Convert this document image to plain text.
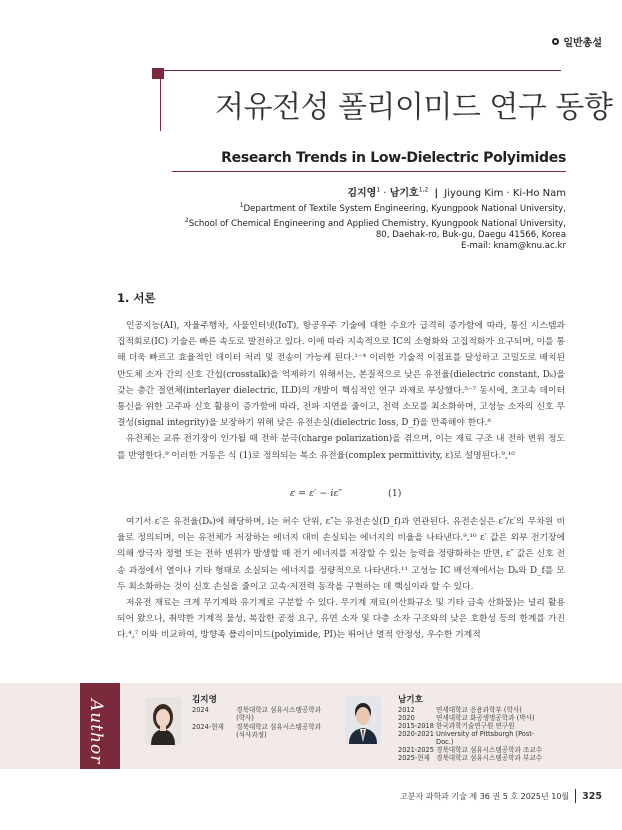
일반총설
저유전성 폴리이미드 연구 동향
Research Trends in Low-Dielectric Polyimides
김지영$^1$ · 남기호$^{1,2}$ | Jiyoung Kim · Ki-Ho Nam
$^1$Department of Textile System Engineering, Kyungpook National University,
$^2$School of Chemical Engineering and Applied Chemistry, Kyungpook National University,
80, Daehak-ro, Buk-gu, Daegu 41566, Korea
E-mail: knam@knu.ac.kr
1. 서론

인공지능(AI), 자율주행차, 사물인터넷(IoT), 항공우주 기술에 대한 수요가 급격히 증가함에 따라, 통신 시스템과 집적회로(IC) 기술은 빠른 속도로 발전하고 있다. 이에 따라 지속적으로 IC의 소형화와 고집적화가 요구되며, 이를 통해 더욱 빠르고 효율적인 데이터 처리 및 전송이 가능케 된다.¹⁻⁴ 이러한 기술적 이점표를 달성하고 고밀도로 배치된 반도체 소자 간의 신호 간섭(crosstalk)을 억제하기 위해서는, 본질적으로 낮은 유전율(dielectric constant, Dₖ)을 갖는 층간 절연체(interlayer dielectric, ILD)의 개발이 핵심적인 연구 과제로 부상했다.⁵⁻⁷ 동시에, 초고속 데이터 통신을 위한 고주파 신호 활용이 증가함에 따라, 전파 지연을 줄이고, 전력 소모를 최소화하며, 고성능 소자의 신호 무결성(signal integrity)을 보장하기 위해 낮은 유전손실(dielectric loss, D_f)을 만족해야 한다.⁸

유전체는 교류 전기장이 인가될 때 전하 분극(charge polarization)을 겪으며, 이는 재료 구조 내 전하 변위 정도를 반영한다.⁹ 이러한 거동은 식 (1)로 정의되는 복소 유전율(complex permittivity, ε)로 설명된다.⁹,¹⁰

ε = ε′ − iε″	(1)

여기서 ε′은 유전율(Dₖ)에 해당하며, i는 허수 단위, ε″는 유전손실(D_f)과 연관된다. 유전손실은 ε″/ε′의 무차원 비율로 정의되며, 이는 유전체가 저장하는 에너지 대비 손실되는 에너지의 비율을 나타낸다.⁹,¹⁰ ε′ 값은 외부 전기장에 의해 쌍극자 정렬 또는 전하 변위가 발생할 때 전기 에너지를 저장할 수 있는 능력을 정량화하는 반면, ε″ 값은 신호 전송 과정에서 열이나 기타 형태로 소실되는 에너지를 정량적으로 나타낸다.¹¹ 고성능 IC 배선재에서는 Dₖ와 D_f를 모두 최소화하는 것이 신호 손실을 줄이고 고속·저전력 동작을 구현하는 데 핵심이라 할 수 있다.

저유전 재료는 크게 무기계와 유기계로 구분할 수 있다. 무기계 재료(이산화규소 및 기타 금속 산화물)는 널리 활용되어 왔으나, 취약한 기계적 물성, 복잡한 공정 요구, 유연 소자 및 다층 소자 구조와의 낮은 호환성 등의 한계를 가진다.⁴,⁷ 이와 비교하여, 방향족 폴리이미드(polyimide, PI)는 뛰어난 열적 안정성, 우수한 기계적

Author	김지영
2024	경북대학교 섬유시스템공학과 (학사)
2024-현재 경북대학교 섬유시스템공학과 (석사과정)
남기호
2012	연세대학교 응용과학부 (학사)
2020	연세대학교 화공생명공학과 (박사)
2015-2018 한국과학기술연구원 연구원
2020-2021 University of Pittsburgh (Post-Doc.)
2021-2025 경북대학교 섬유시스템공학과 조교수
2025-현재 경북대학교 섬유시스템공학과 부교수
고분자 과학과 기술 제 36 권 5 호 2025년 10월 325
